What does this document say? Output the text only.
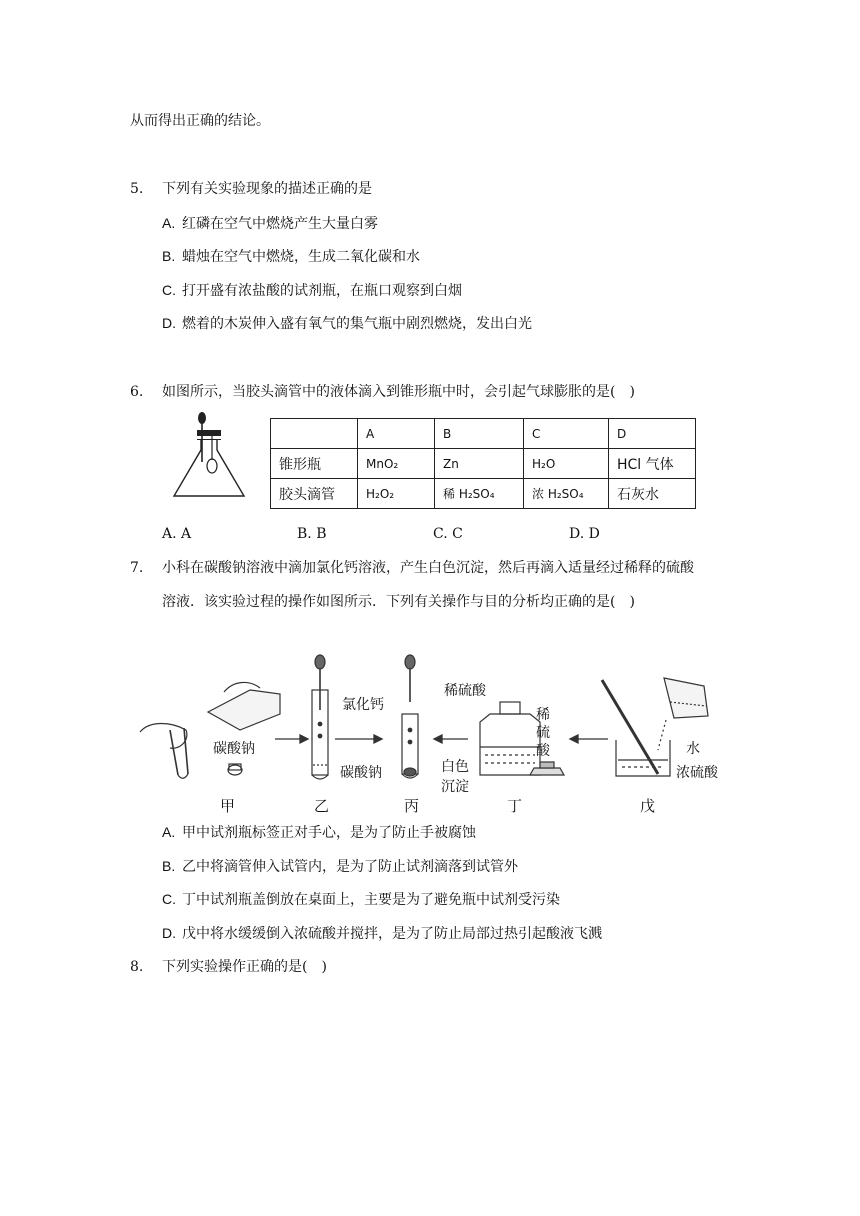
从而得出正确的结论。
5. 下列有关实验现象的描述正确的是
A. 红磷在空气中燃烧产生大量白雾
B. 蜡烛在空气中燃烧，生成二氧化碳和水
C. 打开盛有浓盐酸的试剂瓶，在瓶口观察到白烟
D. 燃着的木炭伸入盛有氧气的集气瓶中剧烈燃烧，发出白光
6. 如图所示，当胶头滴管中的液体滴入到锥形瓶中时，会引起气球膨胀的是(　)
	A	B	C	D
锥形瓶	MnO₂	Zn	H₂O	HCl 气体
胶头滴管	H₂O₂	稀 H₂SO₄	浓 H₂SO₄	石灰水
A. A	B. B	C. C	D. D
7. 小科在碳酸钠溶液中滴加氯化钙溶液，产生白色沉淀，然后再滴入适量经过稀释的硫酸
溶液．该实验过程的操作如图所示．下列有关操作与目的分析均正确的是(　)
碳酸钠
氯化钙
碳酸钠
稀硫酸
白色
沉淀
稀
硫
酸	水
浓硫酸
甲	乙	丙	丁	戊
A. 甲中试剂瓶标签正对手心，是为了防止手被腐蚀
B. 乙中将滴管伸入试管内，是为了防止试剂滴落到试管外
C. 丁中试剂瓶盖倒放在桌面上，主要是为了避免瓶中试剂受污染
D. 戊中将水缓缓倒入浓硫酸并搅拌，是为了防止局部过热引起酸液飞溅
8. 下列实验操作正确的是(　)
